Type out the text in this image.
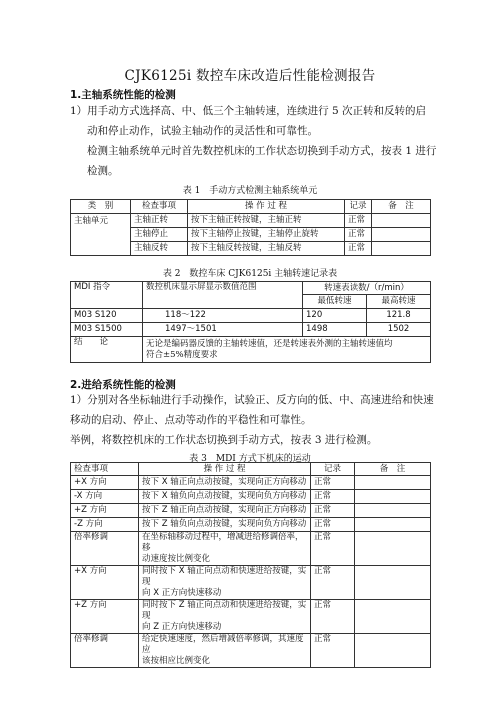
CJK6125i 数控车床改造后性能检测报告
1.主轴系统性能的检测
1）用手动方式选择高、中、低三个主轴转速，连续进行 5 次正转和反转的启
动和停止动作，试验主轴动作的灵活性和可靠性。
检测主轴系统单元时首先数控机床的工作状态切换到手动方式，按表 1 进行
检测。
表 1　手动方式检测主轴系统单元
类　别	检查事项	操 作 过 程	记录	备　注
主轴单元	主轴正转	按下主轴正转按键，主轴正转	正常	
	主轴停止	按下主轴停止按键，主轴停止旋转	正常	
	主轴反转	按下主轴反转按键，主轴反转	正常	
表 2　数控车床 CJK6125i 主轴转速记录表
MDI 指令	数控机床显示屏显示数值范围	转速表读数/（r/min）	
		最低转速	最高转速
M03 S120	118～122	120	121.8
M03 S1500	1497～1501	1498	1502
结　　论	无论是编码器反馈的主轴转速值，还是转速表外测的主轴转速值均
符合±5%精度要求		
2.进给系统性能的检测
1）分别对各坐标轴进行手动操作，试验正、反方向的低、中、高速进给和快速
移动的启动、停止、点动等动作的平稳性和可靠性。
举例，将数控机床的工作状态切换到手动方式，按表 3 进行检测。
表 3　MDI 方式下机床的运动
检查事项	操 作 过 程	记录	备　注
+X 方向	按下 X 轴正向点动按键，实现向正方向移动	正常	
-X 方向	按下 X 轴负向点动按键，实现向负方向移动	正常	
+Z 方向	按下 Z 轴正向点动按键，实现向正方向移动	正常	
-Z 方向	按下 Z 轴负向点动按键，实现向负方向移动	正常	
倍率修调	在坐标轴移动过程中，增减进给修调倍率，移
动速度按比例变化	正常	
+X 方向	同时按下 X 轴正向点动和快速进给按键，实现
向 X 正方向快速移动	正常	
+Z 方向	同时按下 Z 轴正向点动和快速进给按键，实现
向 Z 正方向快速移动	正常	
倍率修调	给定快速速度，然后增减倍率修调，其速度应
该按相应比例变化	正常	
